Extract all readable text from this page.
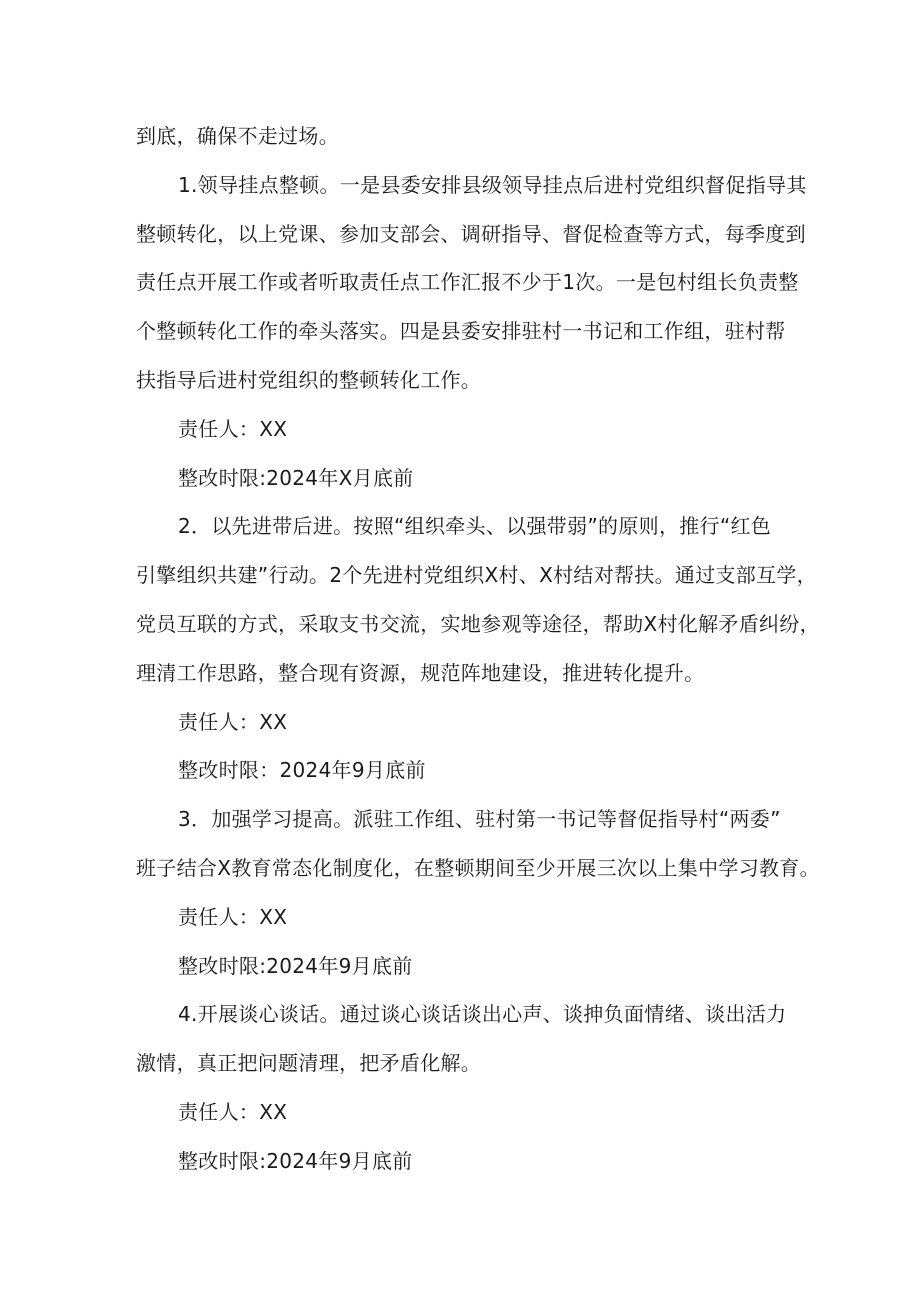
到底，确保不走过场。
1.领导挂点整顿。一是县委安排县级领导挂点后进村党组织督促指导其
整顿转化，以上党课、参加支部会、调研指导、督促检查等方式，每季度到
责任点开展工作或者听取责任点工作汇报不少于1次。一是包村组长负责整
个整顿转化工作的牵头落实。四是县委安排驻村一书记和工作组，驻村帮
扶指导后进村党组织的整顿转化工作。
责任人：XX
整改时限:2024年X月底前
2．以先进带后进。按照“组织牵头、以强带弱”的原则，推行“红色
引擎组织共建”行动。2个先进村党组织X村、X村结对帮扶。通过支部互学，
党员互联的方式，采取支书交流，实地参观等途径，帮助X村化解矛盾纠纷，
理清工作思路，整合现有资源，规范阵地建设，推进转化提升。
责任人：XX
整改时限：2024年9月底前
3．加强学习提高。派驻工作组、驻村第一书记等督促指导村“两委”
班子结合X教育常态化制度化，在整顿期间至少开展三次以上集中学习教育。
责任人：XX
整改时限:2024年9月底前
4.开展谈心谈话。通过谈心谈话谈出心声、谈抻负面情绪、谈出活力
激情，真正把问题清理，把矛盾化解。
责任人：XX
整改时限:2024年9月底前
